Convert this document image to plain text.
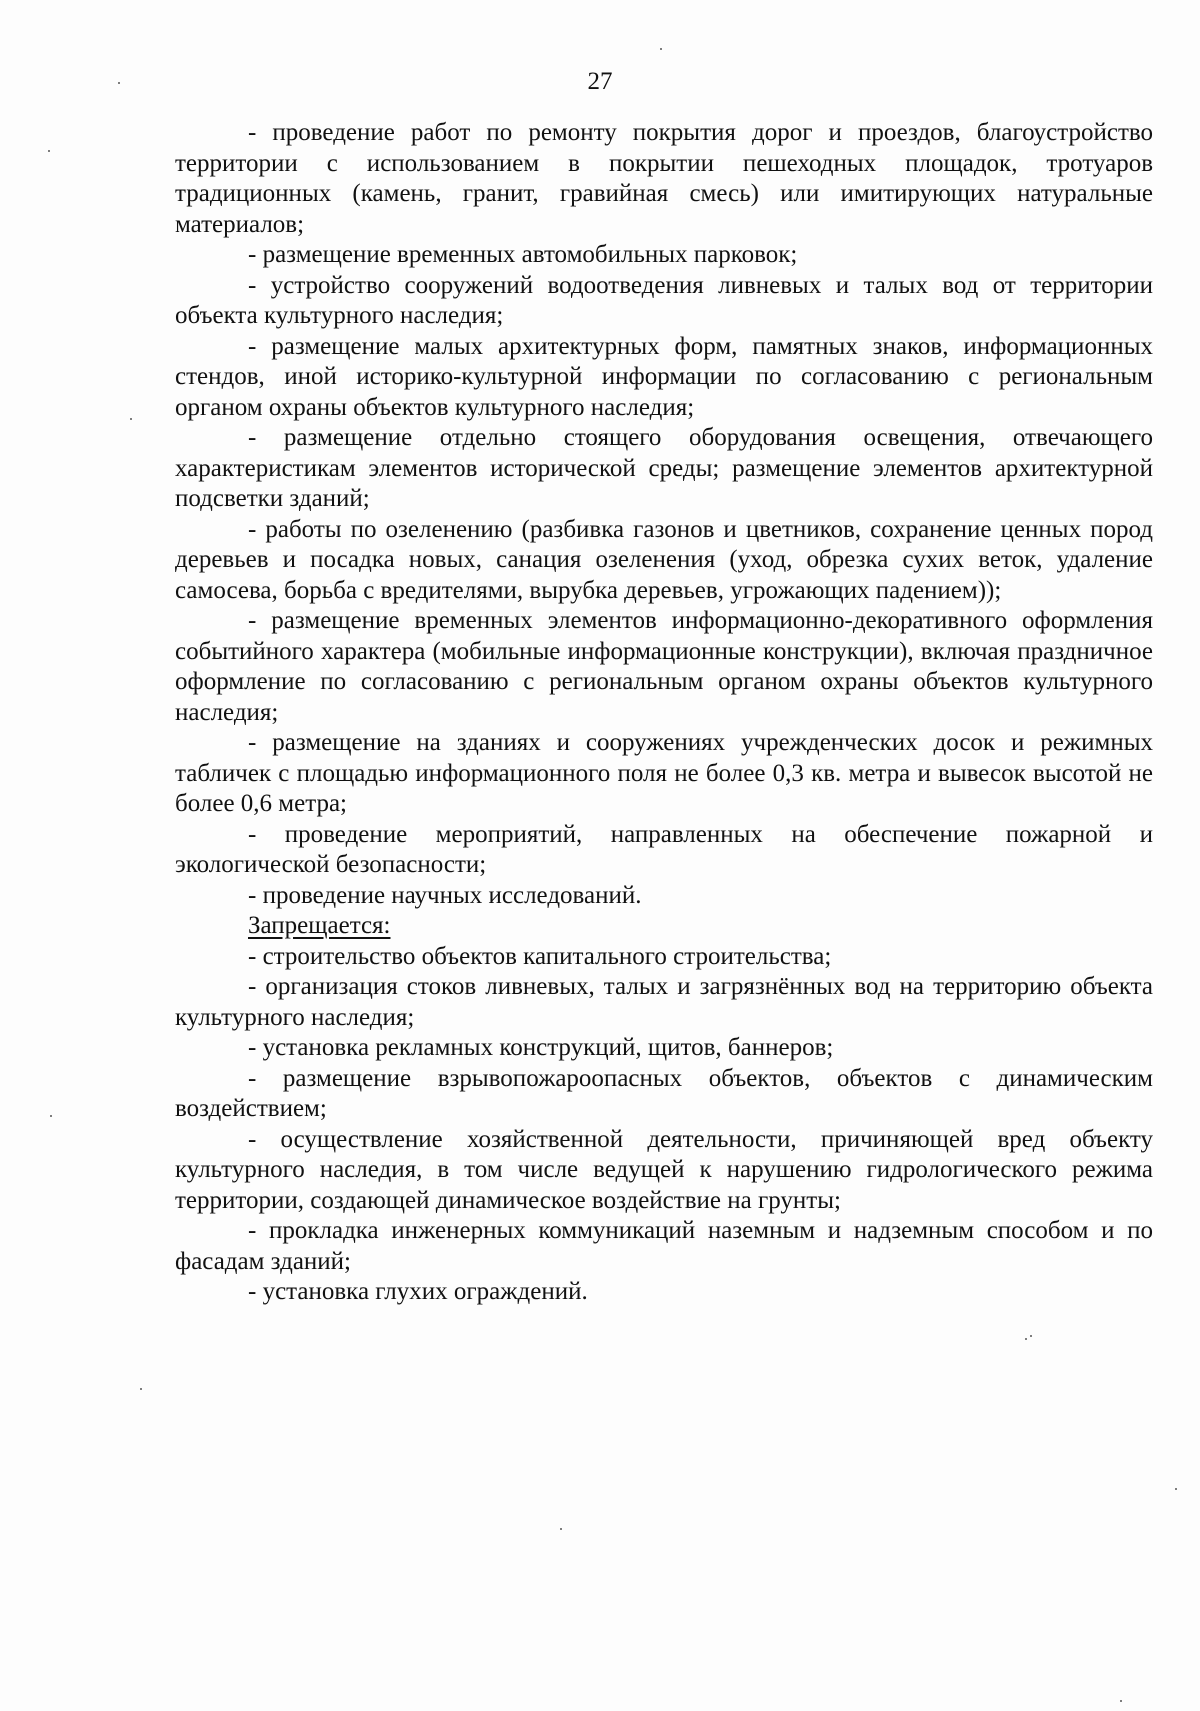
27

- проведение работ по ремонту покрытия дорог и проездов, благоустройство территории с использованием в покрытии пешеходных площадок, тротуаров традиционных (камень, гранит, гравийная смесь) или имитирующих натуральные материалов;

- размещение временных автомобильных парковок;

- устройство сооружений водоотведения ливневых и талых вод от территории объекта культурного наследия;

- размещение малых архитектурных форм, памятных знаков, информационных стендов, иной историко-культурной информации по согласованию с региональным органом охраны объектов культурного наследия;

- размещение отдельно стоящего оборудования освещения, отвечающего характеристикам элементов исторической среды; размещение элементов архитектурной подсветки зданий;

- работы по озеленению (разбивка газонов и цветников, сохранение ценных пород деревьев и посадка новых, санация озеленения (уход, обрезка сухих веток, удаление самосева, борьба с вредителями, вырубка деревьев, угрожающих падением));

- размещение временных элементов информационно-декоративного оформления событийного характера (мобильные информационные конструкции), включая праздничное оформление по согласованию с региональным органом охраны объектов культурного наследия;

- размещение на зданиях и сооружениях учрежденческих досок и режимных табличек с площадью информационного поля не более 0,3 кв. метра и вывесок высотой не более 0,6 метра;

- проведение мероприятий, направленных на обеспечение пожарной и экологической безопасности;

- проведение научных исследований.

Запрещается:

- строительство объектов капитального строительства;

- организация стоков ливневых, талых и загрязнённых вод на территорию объекта культурного наследия;

- установка рекламных конструкций, щитов, баннеров;

- размещение взрывопожароопасных объектов, объектов с динамическим воздействием;

- осуществление хозяйственной деятельности, причиняющей вред объекту культурного наследия, в том числе ведущей к нарушению гидрологического режима территории, создающей динамическое воздействие на грунты;

- прокладка инженерных коммуникаций наземным и надземным способом и по фасадам зданий;

- установка глухих ограждений.
